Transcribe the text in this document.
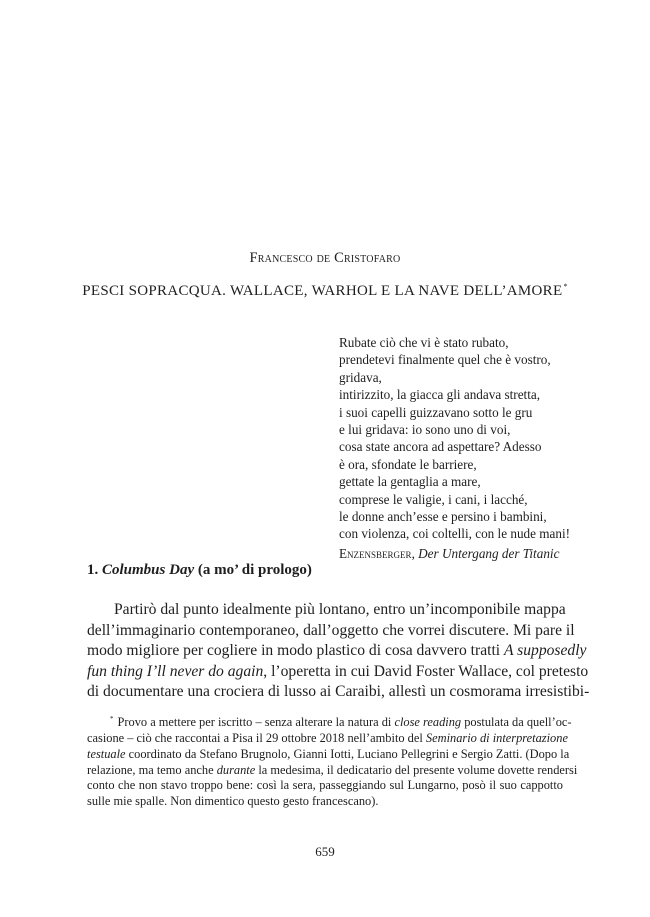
Francesco de Cristofaro
PESCI SOPRACQUA. WALLACE, WARHOL E LA NAVE DELL’AMORE*
Rubate ciò che vi è stato rubato,
prendetevi finalmente quel che è vostro,
gridava,
intirizzito, la giacca gli andava stretta,
i suoi capelli guizzavano sotto le gru
e lui gridava: io sono uno di voi,
cosa state ancora ad aspettare? Adesso
è ora, sfondate le barriere,
gettate la gentaglia a mare,
comprese le valigie, i cani, i lacché,
le donne anch’esse e persino i bambini,
con violenza, coi coltelli, con le nude mani!
Enzensberger, Der Untergang der Titanic
1. Columbus Day (a mo’ di prologo)
Partirò dal punto idealmente più lontano, entro un’incomponibile mappa
dell’immaginario contemporaneo, dall’oggetto che vorrei discutere. Mi pare il
modo migliore per cogliere in modo plastico di cosa davvero tratti A supposedly
fun thing I’ll never do again, l’operetta in cui David Foster Wallace, col pretesto
di documentare una crociera di lusso ai Caraibi, allestì un cosmorama irresistibi-
* Provo a mettere per iscritto – senza alterare la natura di close reading postulata da quell’oc-
casione – ciò che raccontai a Pisa il 29 ottobre 2018 nell’ambito del Seminario di interpretazione
testuale coordinato da Stefano Brugnolo, Gianni Iotti, Luciano Pellegrini e Sergio Zatti. (Dopo la
relazione, ma temo anche durante la medesima, il dedicatario del presente volume dovette rendersi
conto che non stavo troppo bene: così la sera, passeggiando sul Lungarno, posò il suo cappotto
sulle mie spalle. Non dimentico questo gesto francescano).
659
